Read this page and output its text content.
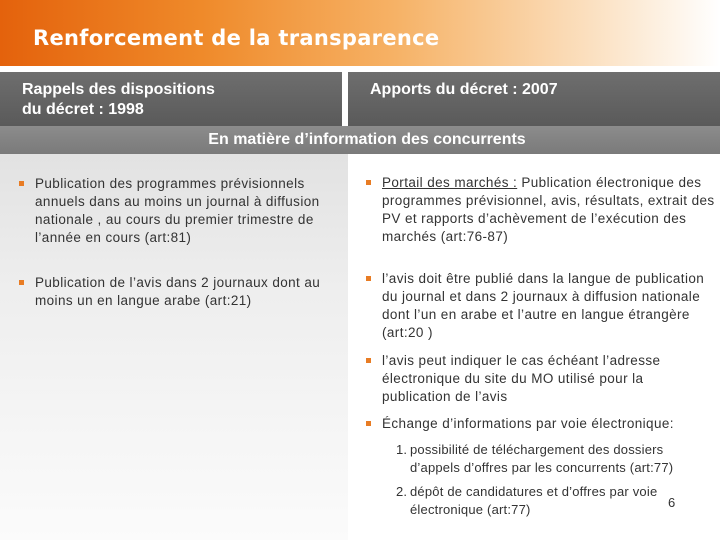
Renforcement de la transparence
Rappels des dispositions
du décret : 1998
Apports du décret : 2007
En matière d’information des concurrents
Publication des programmes prévisionnels annuels dans au moins un journal à diffusion nationale , au cours du premier trimestre de l’année en cours (art:81)
Publication de l’avis dans 2 journaux dont au moins un en langue arabe (art:21)
Portail des marchés : Publication électronique des programmes prévisionnel, avis, résultats, extrait des PV et rapports d’achèvement de l’exécution des marchés (art:76-87)
l’avis doit être publié dans la langue de publication du journal et dans 2 journaux à diffusion nationale dont l’un en arabe et l’autre en langue étrangère (art:20 )
l’avis peut indiquer le cas échéant l’adresse électronique du site du MO utilisé pour la publication de l’avis
Échange d’informations par voie électronique:
1. possibilité de téléchargement des dossiers d’appels d’offres par les concurrents (art:77)
2. dépôt de candidatures et d’offres par voie électronique (art:77)	6
